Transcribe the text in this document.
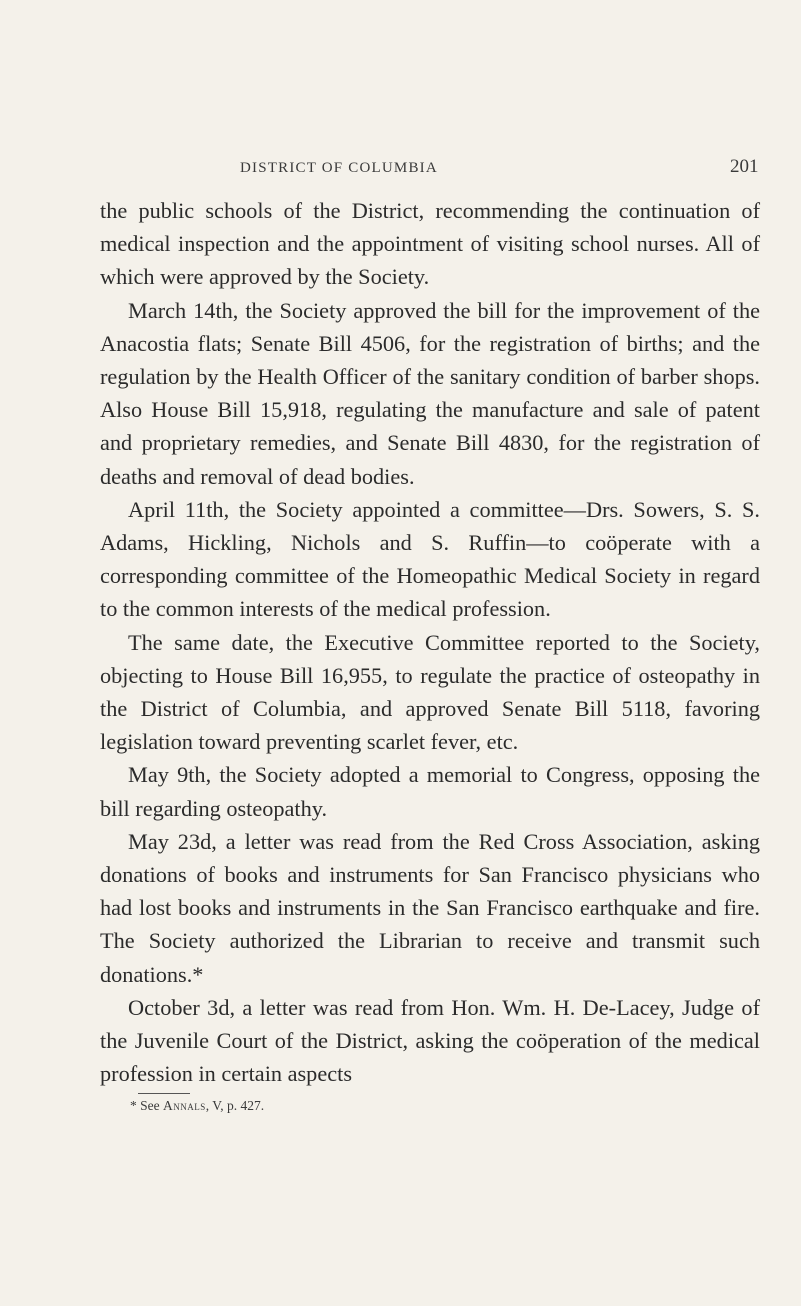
DISTRICT OF COLUMBIA	201

the public schools of the District, recommending the continuation of medical inspection and the appointment of visiting school nurses. All of which were approved by the Society.

March 14th, the Society approved the bill for the improvement of the Anacostia flats; Senate Bill 4506, for the registration of births; and the regulation by the Health Officer of the sanitary condition of barber shops. Also House Bill 15,918, regulating the manufacture and sale of patent and proprietary remedies, and Senate Bill 4830, for the registration of deaths and removal of dead bodies.

April 11th, the Society appointed a committee—Drs. Sowers, S. S. Adams, Hickling, Nichols and S. Ruffin—to coöperate with a corresponding committee of the Homeopathic Medical Society in regard to the common interests of the medical profession.

The same date, the Executive Committee reported to the Society, objecting to House Bill 16,955, to regulate the practice of osteopathy in the District of Columbia, and approved Senate Bill 5118, favoring legislation toward preventing scarlet fever, etc.

May 9th, the Society adopted a memorial to Congress, opposing the bill regarding osteopathy.

May 23d, a letter was read from the Red Cross Association, asking donations of books and instruments for San Francisco physicians who had lost books and instruments in the San Francisco earthquake and fire. The Society authorized the Librarian to receive and transmit such donations.*

October 3d, a letter was read from Hon. Wm. H. De-Lacey, Judge of the Juvenile Court of the District, asking the coöperation of the medical profession in certain aspects

* See Annals, V, p. 427.
